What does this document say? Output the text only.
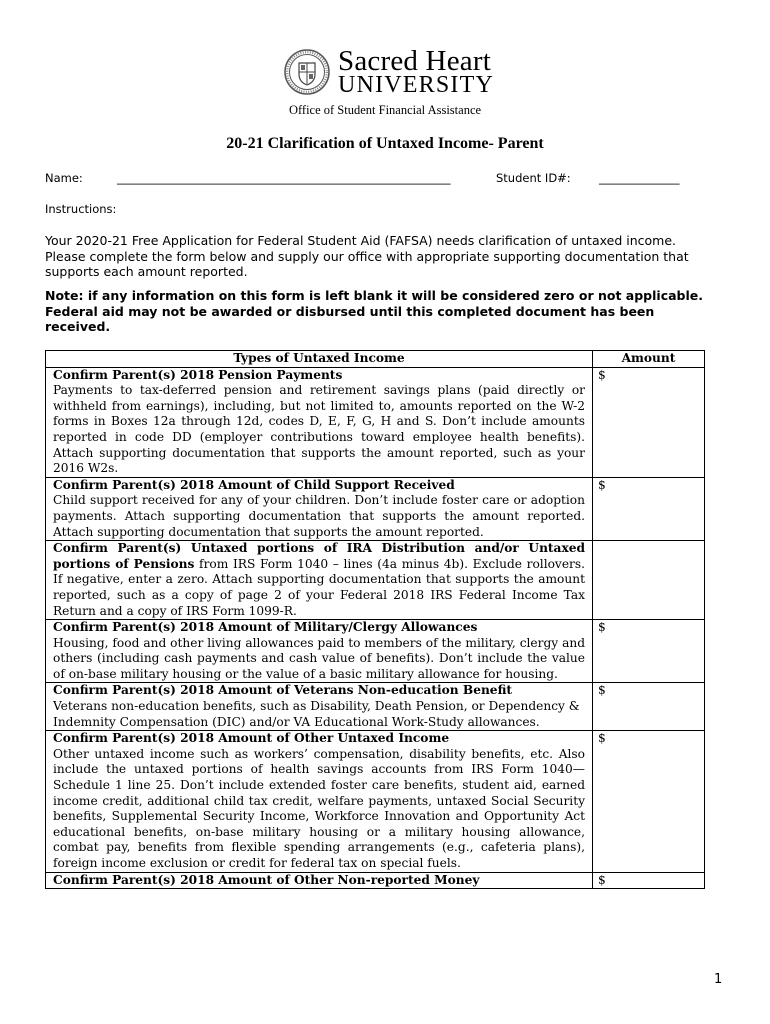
Sacred Heart
UNIVERSITY
Office of Student Financial Assistance
20-21 Clarification of Untaxed Income- Parent
Name:	__________________________________________________________	Student ID#: ______________
Instructions:
Your 2020-21 Free Application for Federal Student Aid (FAFSA) needs clarification of untaxed income. Please complete the form below and supply our office with appropriate supporting documentation that supports each amount reported.
Note: if any information on this form is left blank it will be considered zero or not applicable. Federal aid may not be awarded or disbursed until this completed document has been received.
Types of Untaxed Income	Amount
Confirm Parent(s) 2018 Pension Payments
Payments to tax-deferred pension and retirement savings plans (paid directly or withheld from earnings), including, but not limited to, amounts reported on the W-2 forms in Boxes 12a through 12d, codes D, E, F, G, H and S. Don’t include amounts reported in code DD (employer contributions toward employee health benefits). Attach supporting documentation that supports the amount reported, such as your 2016 W2s.	$
Confirm Parent(s) 2018 Amount of Child Support Received
Child support received for any of your children. Don’t include foster care or adoption payments. Attach supporting documentation that supports the amount reported. Attach supporting documentation that supports the amount reported.	$
Confirm Parent(s) Untaxed portions of IRA Distribution and/or Untaxed portions of Pensions from IRS Form 1040 – lines (4a minus 4b). Exclude rollovers. If negative, enter a zero. Attach supporting documentation that supports the amount reported, such as a copy of page 2 of your Federal 2018 IRS Federal Income Tax Return and a copy of IRS Form 1099-R.	
Confirm Parent(s) 2018 Amount of Military/Clergy Allowances
Housing, food and other living allowances paid to members of the military, clergy and others (including cash payments and cash value of benefits). Don’t include the value of on-base military housing or the value of a basic military allowance for housing.	$
Confirm Parent(s) 2018 Amount of Veterans Non-education Benefit
Veterans non-education benefits, such as Disability, Death Pension, or Dependency & Indemnity Compensation (DIC) and/or VA Educational Work-Study allowances.	$
Confirm Parent(s) 2018 Amount of Other Untaxed Income
Other untaxed income such as workers’ compensation, disability benefits, etc. Also include the untaxed portions of health savings accounts from IRS Form 1040—Schedule 1 line 25. Don’t include extended foster care benefits, student aid, earned income credit, additional child tax credit, welfare payments, untaxed Social Security benefits, Supplemental Security Income, Workforce Innovation and Opportunity Act educational benefits, on-base military housing or a military housing allowance, combat pay, benefits from flexible spending arrangements (e.g., cafeteria plans), foreign income exclusion or credit for federal tax on special fuels.	$
Confirm Parent(s) 2018 Amount of Other Non-reported Money	$
1
